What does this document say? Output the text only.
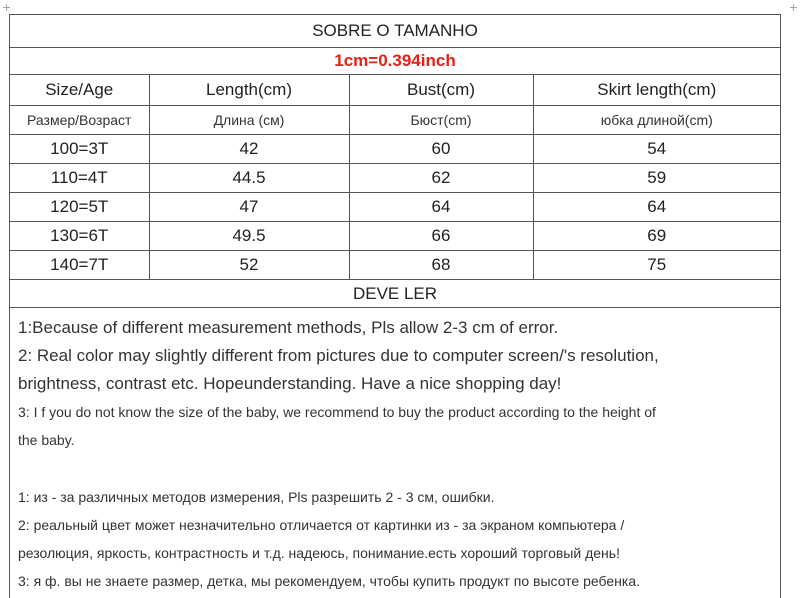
+	+
SOBRE O TAMANHO			
1cm=0.394inch			
Size/Age	Length(cm)	Bust(cm)	Skirt length(cm)
Размер/Возраст	Длина (см)	Бюст(cm)	юбка длиной(cm)
100=3T	42	60	54
110=4T	44.5	62	59
120=5T	47	64	64
130=6T	49.5	66	69
140=7T	52	68	75
DEVE LER			

1:Because of different measurement methods, Pls allow 2-3 cm of error.

2: Real color may slightly different from pictures due to computer screen/'s resolution,

brightness, contrast etc. Hopeunderstanding. Have a nice shopping day!

3: I f you do not know the size of the baby, we recommend to buy the product according to the height of

the baby.

1: из - за различных методов измерения, Pls разрешить 2 - 3 см, ошибки.

2: реальный цвет может незначительно отличается от картинки из - за экраном компьютера /

резолюция, яркость, контрастность и т.д. надеюсь, понимание.есть хороший торговый день!

3: я ф. вы не знаете размер, детка, мы рекомендуем, чтобы купить продукт по высоте ребенка.
